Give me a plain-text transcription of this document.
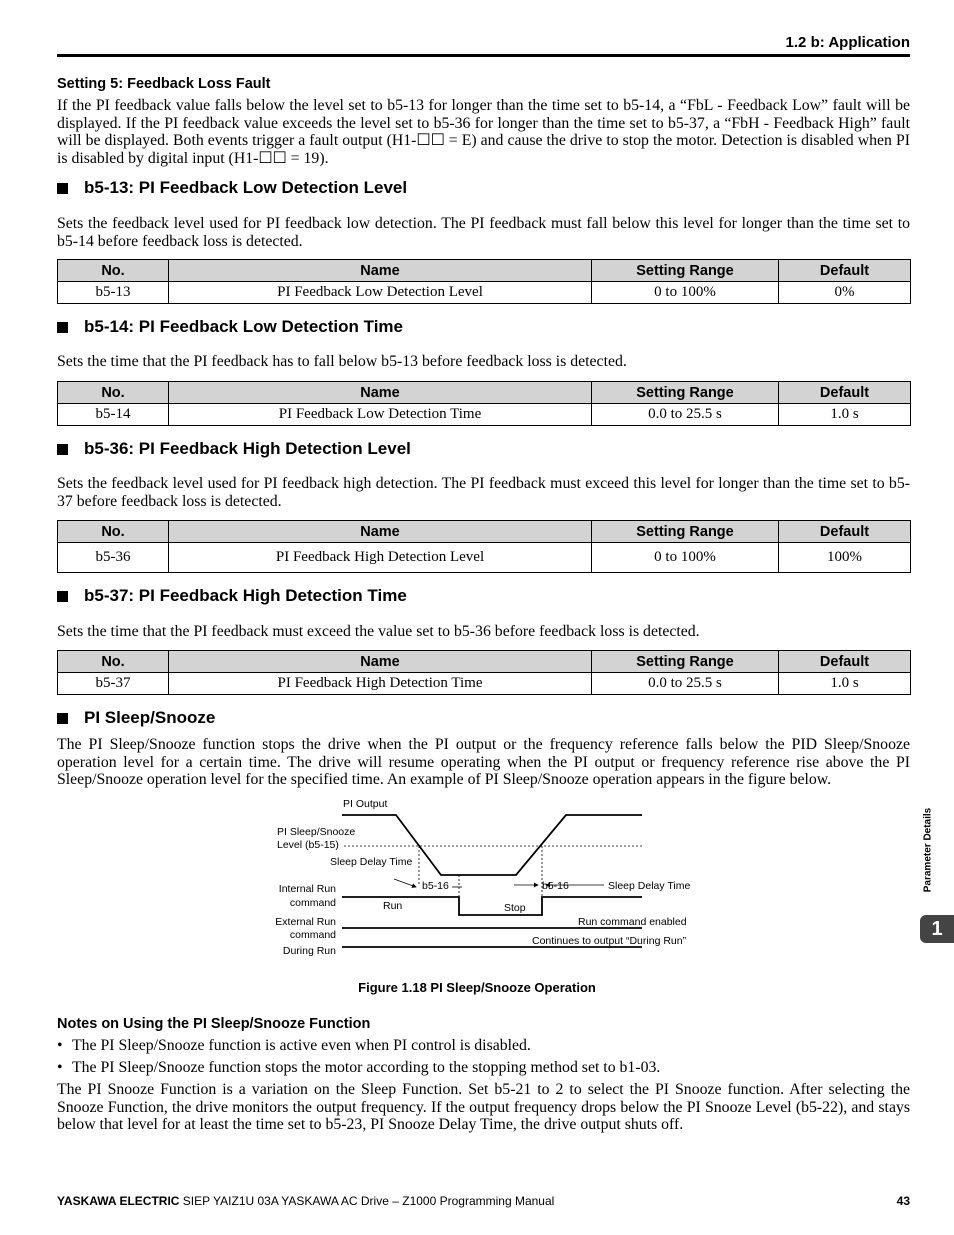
1.2 b: Application
Setting 5: Feedback Loss Fault
If the PI feedback value falls below the level set to b5-13 for longer than the time set to b5-14, a “FbL - Feedback Low” fault will be displayed. If the PI feedback value exceeds the level set to b5-36 for longer than the time set to b5-37, a “FbH - Feedback High” fault will be displayed. Both events trigger a fault output (H1-☐☐ = E) and cause the drive to stop the motor. Detection is disabled when PI is disabled by digital input (H1-☐☐ = 19).
b5-13: PI Feedback Low Detection Level
Sets the feedback level used for PI feedback low detection. The PI feedback must fall below this level for longer than the time set to b5-14 before feedback loss is detected.
No.	Name	Setting Range	Default
b5-13	PI Feedback Low Detection Level	0 to 100%	0%
b5-14: PI Feedback Low Detection Time
Sets the time that the PI feedback has to fall below b5-13 before feedback loss is detected.
No.	Name	Setting Range	Default
b5-14	PI Feedback Low Detection Time	0.0 to 25.5 s	1.0 s
b5-36: PI Feedback High Detection Level
Sets the feedback level used for PI feedback high detection. The PI feedback must exceed this level for longer than the time set to b5-37 before feedback loss is detected.
No.	Name	Setting Range	Default
b5-36	PI Feedback High Detection Level	0 to 100%	100%
b5-37: PI Feedback High Detection Time
Sets the time that the PI feedback must exceed the value set to b5-36 before feedback loss is detected.
No.	Name	Setting Range	Default
b5-37	PI Feedback High Detection Time	0.0 to 25.5 s	1.0 s
PI Sleep/Snooze
The PI Sleep/Snooze function stops the drive when the PI output or the frequency reference falls below the PID Sleep/Snooze operation level for a certain time. The drive will resume operating when the PI output or frequency reference rise above the PI Sleep/Snooze operation level for the specified time. An example of PI Sleep/Snooze operation appears in the figure below.
PI Output
PI Sleep/Snooze
Level (b5-15)
Sleep Delay Time
b5-16	b5-16	Sleep Delay Time
Internal Run
command	Run	Stop
External Run
command
Run command enabled
During Run
Continues to output “During Run”
Figure 1.18 PI Sleep/Snooze Operation
Notes on Using the PI Sleep/Snooze Function
• The PI Sleep/Snooze function is active even when PI control is disabled.
• The PI Sleep/Snooze function stops the motor according to the stopping method set to b1-03.
The PI Snooze Function is a variation on the Sleep Function. Set b5-21 to 2 to select the PI Snooze function. After selecting the Snooze Function, the drive monitors the output frequency. If the output frequency drops below the PI Snooze Level (b5-22), and stays below that level for at least the time set to b5-23, PI Snooze Delay Time, the drive output shuts off.
Parameter Details
1
YASKAWA ELECTRIC SIEP YAIZ1U 03A YASKAWA AC Drive – Z1000 Programming Manual	43
